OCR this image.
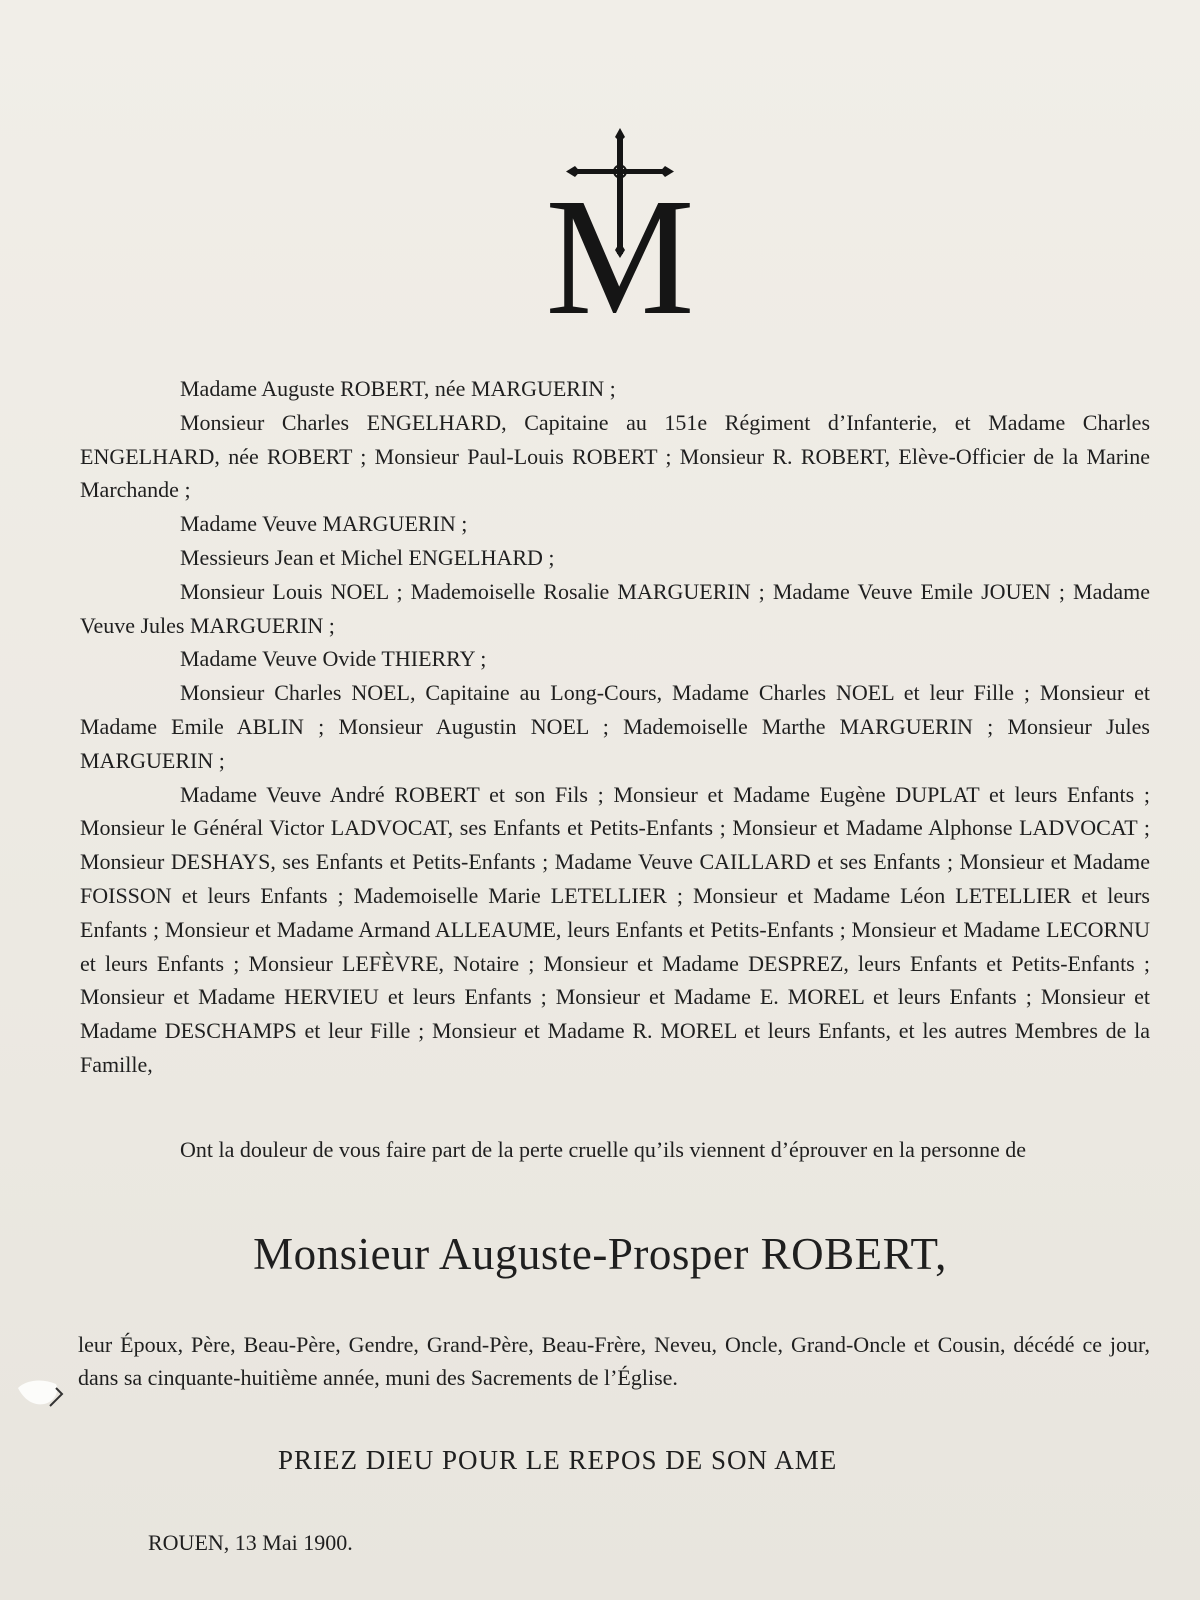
M

Madame Auguste ROBERT, née MARGUERIN ;

Monsieur Charles ENGELHARD, Capitaine au 151e Régiment d’Infanterie, et Madame Charles ENGELHARD, née ROBERT ; Monsieur Paul-Louis ROBERT ; Monsieur R. ROBERT, Elève-Officier de la Marine Marchande ;

Madame Veuve MARGUERIN ;

Messieurs Jean et Michel ENGELHARD ;

Monsieur Louis NOEL ; Mademoiselle Rosalie MARGUERIN ; Madame Veuve Emile JOUEN ; Madame Veuve Jules MARGUERIN ;

Madame Veuve Ovide THIERRY ;

Monsieur Charles NOEL, Capitaine au Long-Cours, Madame Charles NOEL et leur Fille ; Monsieur et Madame Emile ABLIN ; Monsieur Augustin NOEL ; Mademoiselle Marthe MARGUERIN ; Monsieur Jules MARGUERIN ;

Madame Veuve André ROBERT et son Fils ; Monsieur et Madame Eugène DUPLAT et leurs Enfants ; Monsieur le Général Victor LADVOCAT, ses Enfants et Petits-Enfants ; Monsieur et Madame Alphonse LADVOCAT ; Monsieur DESHAYS, ses Enfants et Petits-Enfants ; Madame Veuve CAILLARD et ses Enfants ; Monsieur et Madame FOISSON et leurs Enfants ; Mademoiselle Marie LETELLIER ; Monsieur et Madame Léon LETELLIER et leurs Enfants ; Monsieur et Madame Armand ALLEAUME, leurs Enfants et Petits-Enfants ; Monsieur et Madame LECORNU et leurs Enfants ; Monsieur LEFÈVRE, Notaire ; Monsieur et Madame DESPREZ, leurs Enfants et Petits-Enfants ; Monsieur et Madame HERVIEU et leurs Enfants ; Monsieur et Madame E. MOREL et leurs Enfants ; Monsieur et Madame DESCHAMPS et leur Fille ; Monsieur et Madame R. MOREL et leurs Enfants, et les autres Membres de la Famille,

Ont la douleur de vous faire part de la perte cruelle qu’ils viennent d’éprouver en la personne de
Monsieur Auguste-Prosper ROBERT,
leur Époux, Père, Beau-Père, Gendre, Grand-Père, Beau-Frère, Neveu, Oncle, Grand-Oncle et Cousin, décédé ce jour, dans sa cinquante-huitième année, muni des Sacrements de l’Église.
PRIEZ DIEU POUR LE REPOS DE SON AME
ROUEN, 13 Mai 1900.
